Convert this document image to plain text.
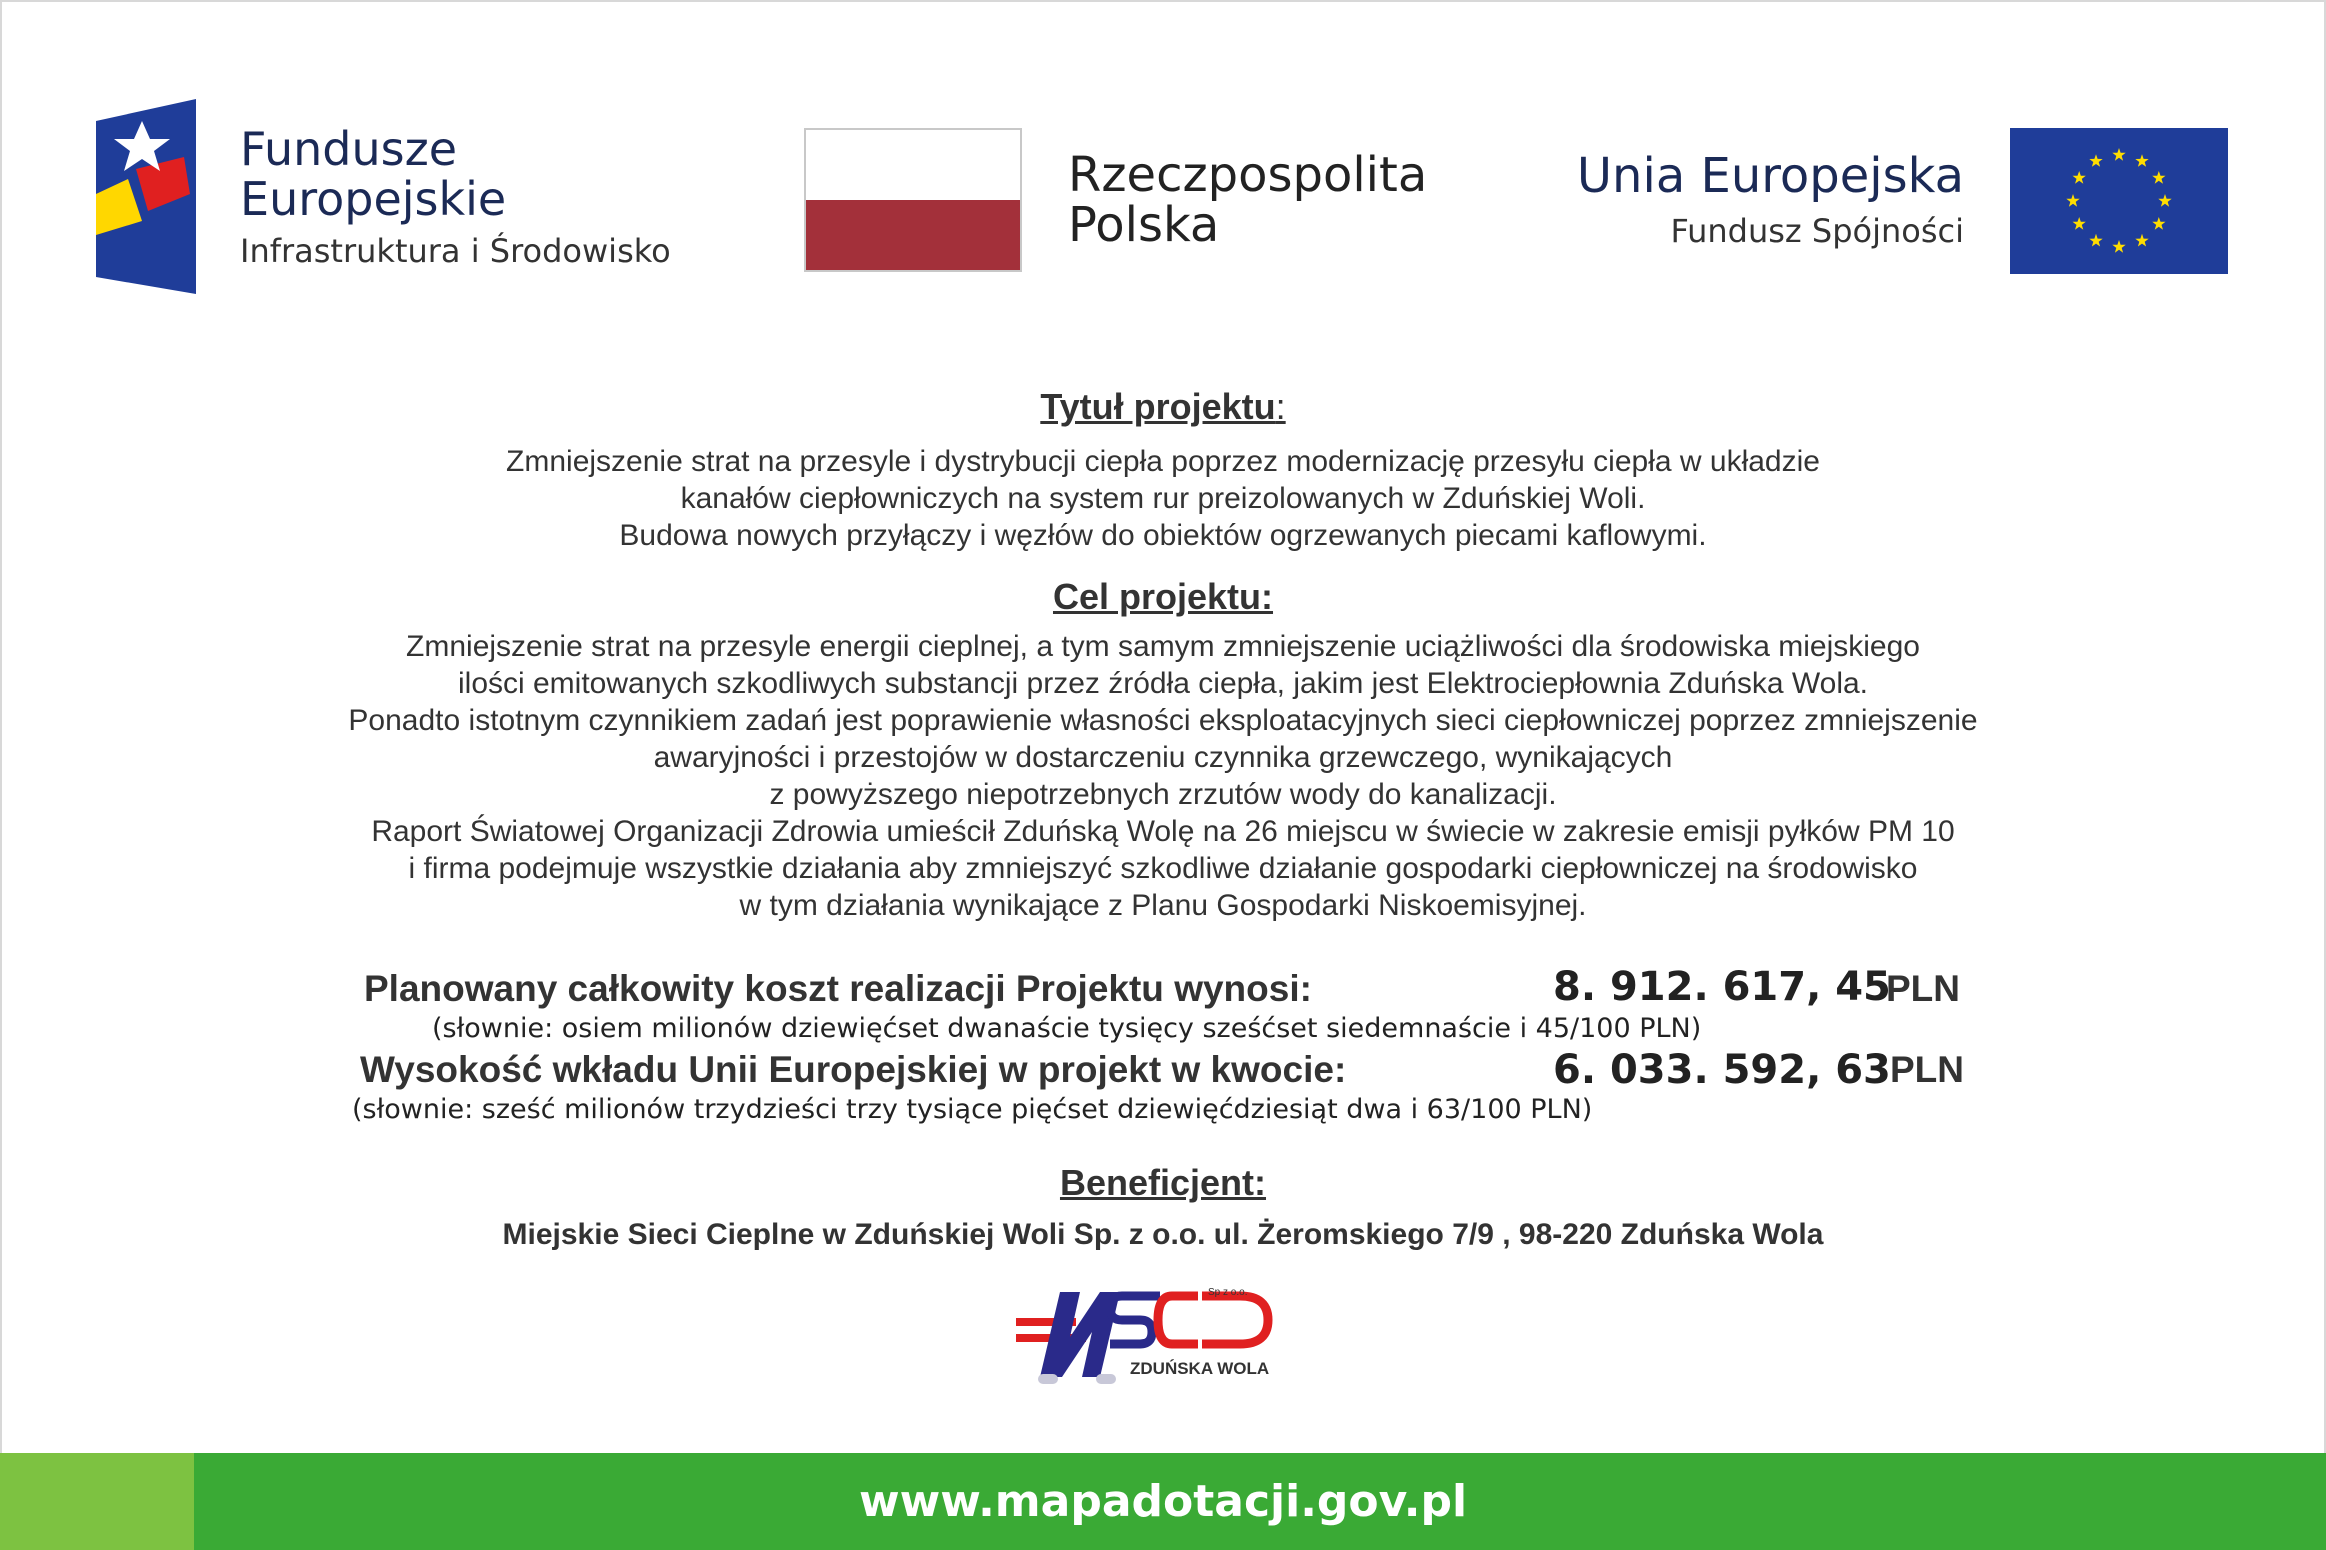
Fundusze
Europejskie
Infrastruktura i Środowisko
Rzeczpospolita
Polska
Unia Europejska
Fundusz Spójności
Tytuł projektu:
Zmniejszenie strat na przesyle i dystrybucji ciepła poprzez modernizację przesyłu ciepła w układzie
kanałów ciepłowniczych na system rur preizolowanych w Zduńskiej Woli.
Budowa nowych przyłączy i węzłów do obiektów ogrzewanych piecami kaflowymi.
Cel projektu:
Zmniejszenie strat na przesyle energii cieplnej, a tym samym zmniejszenie uciążliwości dla środowiska miejskiego
ilości emitowanych szkodliwych substancji przez źródła ciepła, jakim jest Elektrociepłownia Zduńska Wola.
Ponadto istotnym czynnikiem zadań jest poprawienie własności eksploatacyjnych sieci ciepłowniczej poprzez zmniejszenie
awaryjności i przestojów w dostarczeniu czynnika grzewczego, wynikających
z powyższego niepotrzebnych zrzutów wody do kanalizacji.
Raport Światowej Organizacji Zdrowia umieścił Zduńską Wolę na 26 miejscu w świecie w zakresie emisji pyłków PM 10
i firma podejmuje wszystkie działania aby zmniejszyć szkodliwe działanie gospodarki ciepłowniczej na środowisko
w tym działania wynikające z Planu Gospodarki Niskoemisyjnej.
Planowany całkowity koszt realizacji Projektu wynosi:	8. 912. 617, 45
PLN
(słownie: osiem milionów dziewięćset dwanaście tysięcy sześćset siedemnaście i 45/100 PLN)
Wysokość wkładu Unii Europejskiej w projekt w kwocie:	6. 033. 592, 63 PLN
(słownie: sześć milionów trzydzieści trzy tysiące pięćset dziewięćdziesiąt dwa i 63/100 PLN)
Beneficjent:
Miejskie Sieci Cieplne w Zduńskiej Woli Sp. z o.o. ul. Żeromskiego 7/9 , 98-220 Zduńska Wola
Sp z o.o.
ZDUŃSKA WOLA
www.mapadotacji.gov.pl
